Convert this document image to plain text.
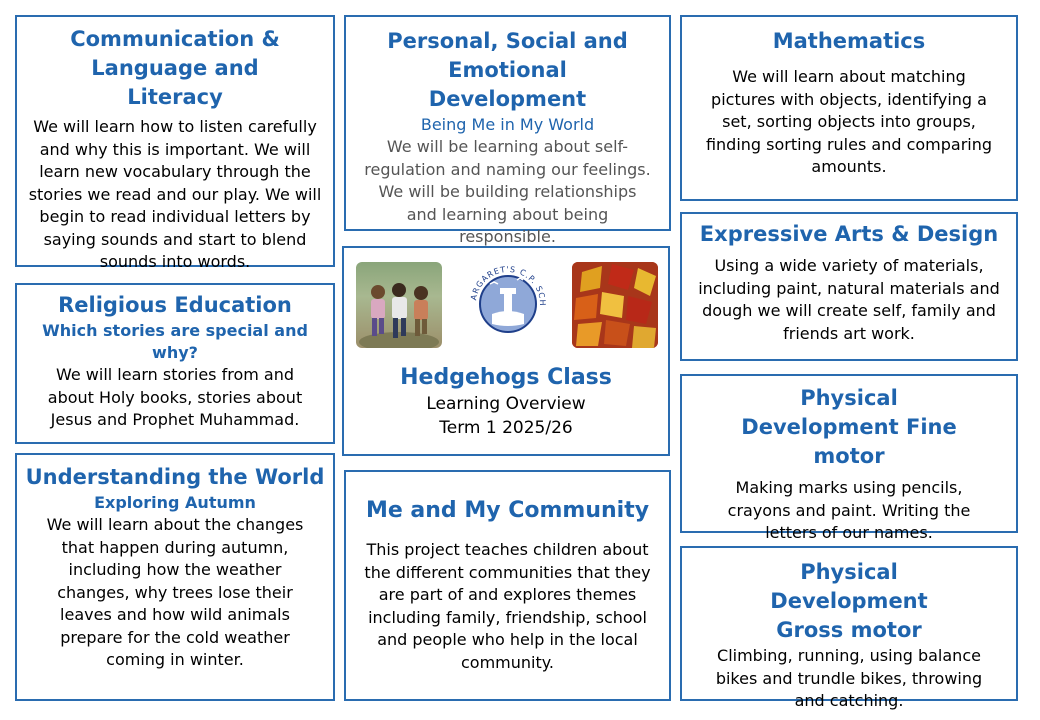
Communication & Language and Literacy

We will learn how to listen carefully and why this is important. We will learn new vocabulary through the stories we read and our play. We will begin to read individual letters by saying sounds and start to blend sounds into words.

Personal, Social and Emotional Development

Being Me in My World

We will be learning about self-regulation and naming our feelings. We will be building relationships and learning about being responsible.

Mathematics

We will learn about matching pictures with objects, identifying a set, sorting objects into groups, finding sorting rules and comparing amounts.

Religious Education

Which stories are special and why?

We will learn stories from and about Holy books, stories about Jesus and Prophet Muhammad.

ARGARET'S C.P. SCH

Hedgehogs Class

Learning Overview

Term 1 2025/26

Expressive Arts & Design

Using a wide variety of materials, including paint, natural materials and dough we will create self, family and friends art work.

Understanding the World

Exploring Autumn

We will learn about the changes that happen during autumn, including how the weather changes, why trees lose their leaves and how wild animals prepare for the cold weather coming in winter.

Me and My Community

This project teaches children about the different communities that they are part of and explores themes including family, friendship, school and people who help in the local community.

Physical Development Fine motor

Making marks using pencils, crayons and paint. Writing the letters of our names.

Physical Development Gross motor

Climbing, running, using balance bikes and trundle bikes, throwing and catching.
